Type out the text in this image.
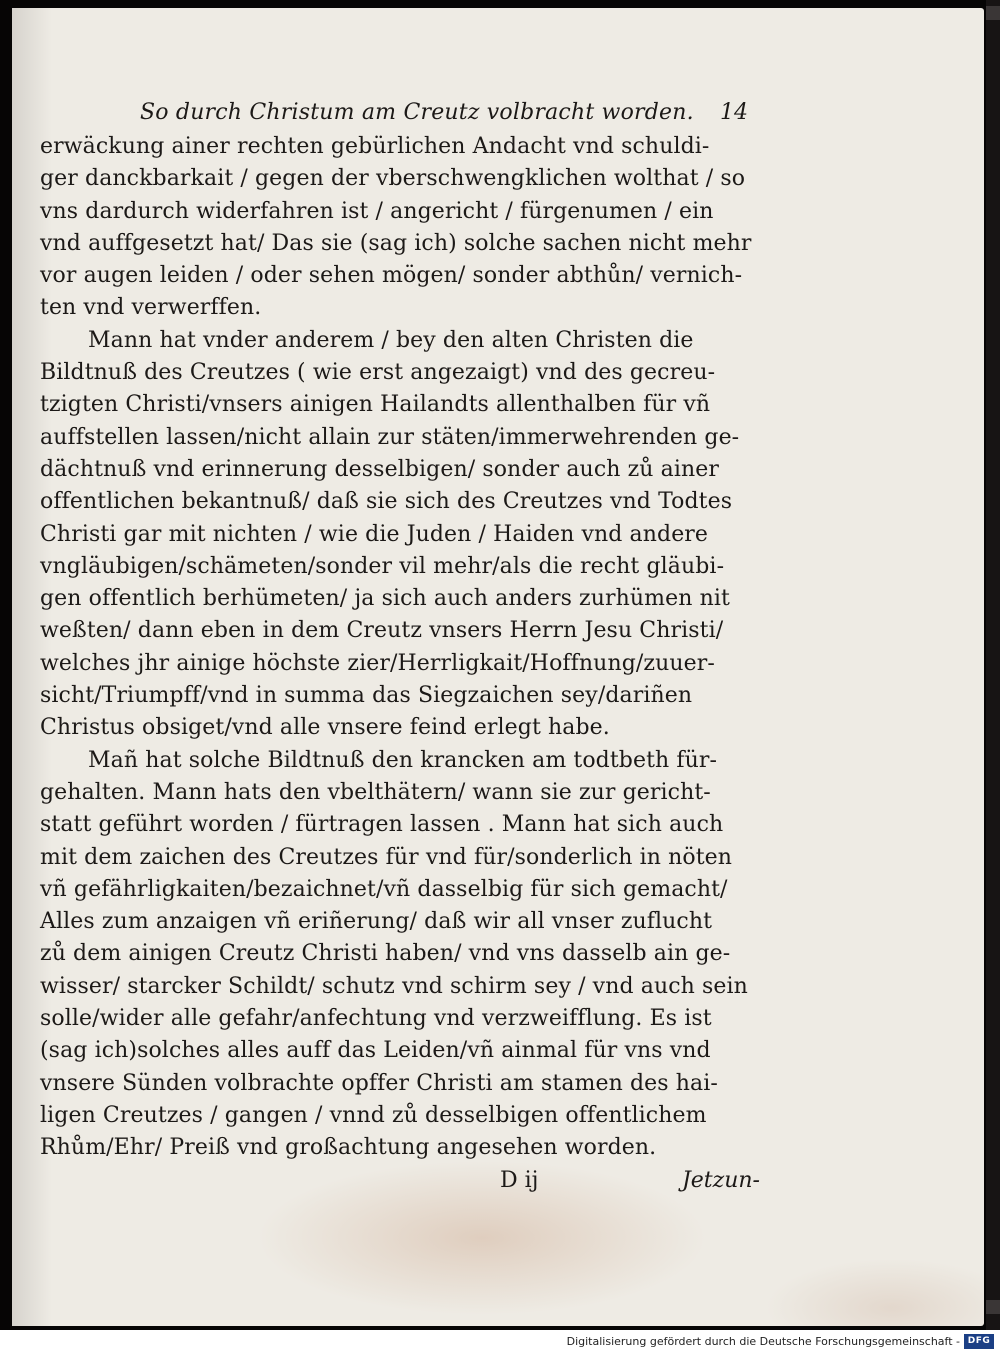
So durch Christum am Creutz volbracht worden. 14
erwäckung ainer rechten gebürlichen Andacht vnd schuldi-
ger danckbarkait / gegen der vberschwengklichen wolthat / so
vns dardurch widerfahren ist / angericht / fürgenumen / ein
vnd auffgesetzt hat/ Das sie (sag ich) solche sachen nicht mehr
vor augen leiden / oder sehen mögen/ sonder abthůn/ vernich-
ten vnd verwerffen.
Mann hat vnder anderem / bey den alten Christen die
Bildtnuß des Creutzes ( wie erst angezaigt) vnd des gecreu-
tzigten Christi/vnsers ainigen Hailandts allenthalben für vñ
auffstellen lassen/nicht allain zur stäten/immerwehrenden ge-
dächtnuß vnd erinnerung desselbigen/ sonder auch zů ainer
offentlichen bekantnuß/ daß sie sich des Creutzes vnd Todtes
Christi gar mit nichten / wie die Juden / Haiden vnd andere
vngläubigen/schämeten/sonder vil mehr/als die recht gläubi-
gen offentlich berhümeten/ ja sich auch anders zurhümen nit
weßten/ dann eben in dem Creutz vnsers Herrn Jesu Christi/
welches jhr ainige höchste zier/Herrligkait/Hoffnung/zuuer-
sicht/Triumpff/vnd in summa das Siegzaichen sey/dariñen
Christus obsiget/vnd alle vnsere feind erlegt habe.
Mañ hat solche Bildtnuß den krancken am todtbeth für-
gehalten. Mann hats den vbelthätern/ wann sie zur gericht-
statt geführt worden / fürtragen lassen . Mann hat sich auch
mit dem zaichen des Creutzes für vnd für/sonderlich in nöten
vñ gefährligkaiten/bezaichnet/vñ dasselbig für sich gemacht/
Alles zum anzaigen vñ eriñerung/ daß wir all vnser zuflucht
zů dem ainigen Creutz Christi haben/ vnd vns dasselb ain ge-
wisser/ starcker Schildt/ schutz vnd schirm sey / vnd auch sein
solle/wider alle gefahr/anfechtung vnd verzweifflung. Es ist
(sag ich)solches alles auff das Leiden/vñ ainmal für vns vnd
vnsere Sünden volbrachte opffer Christi am stamen des hai-
ligen Creutzes / gangen / vnnd zů desselbigen offentlichem
Rhům/Ehr/ Preiß vnd großachtung angesehen worden.
D ij	Jetzun-
Digitalisierung gefördert durch die Deutsche Forschungsgemeinschaft - DFG
